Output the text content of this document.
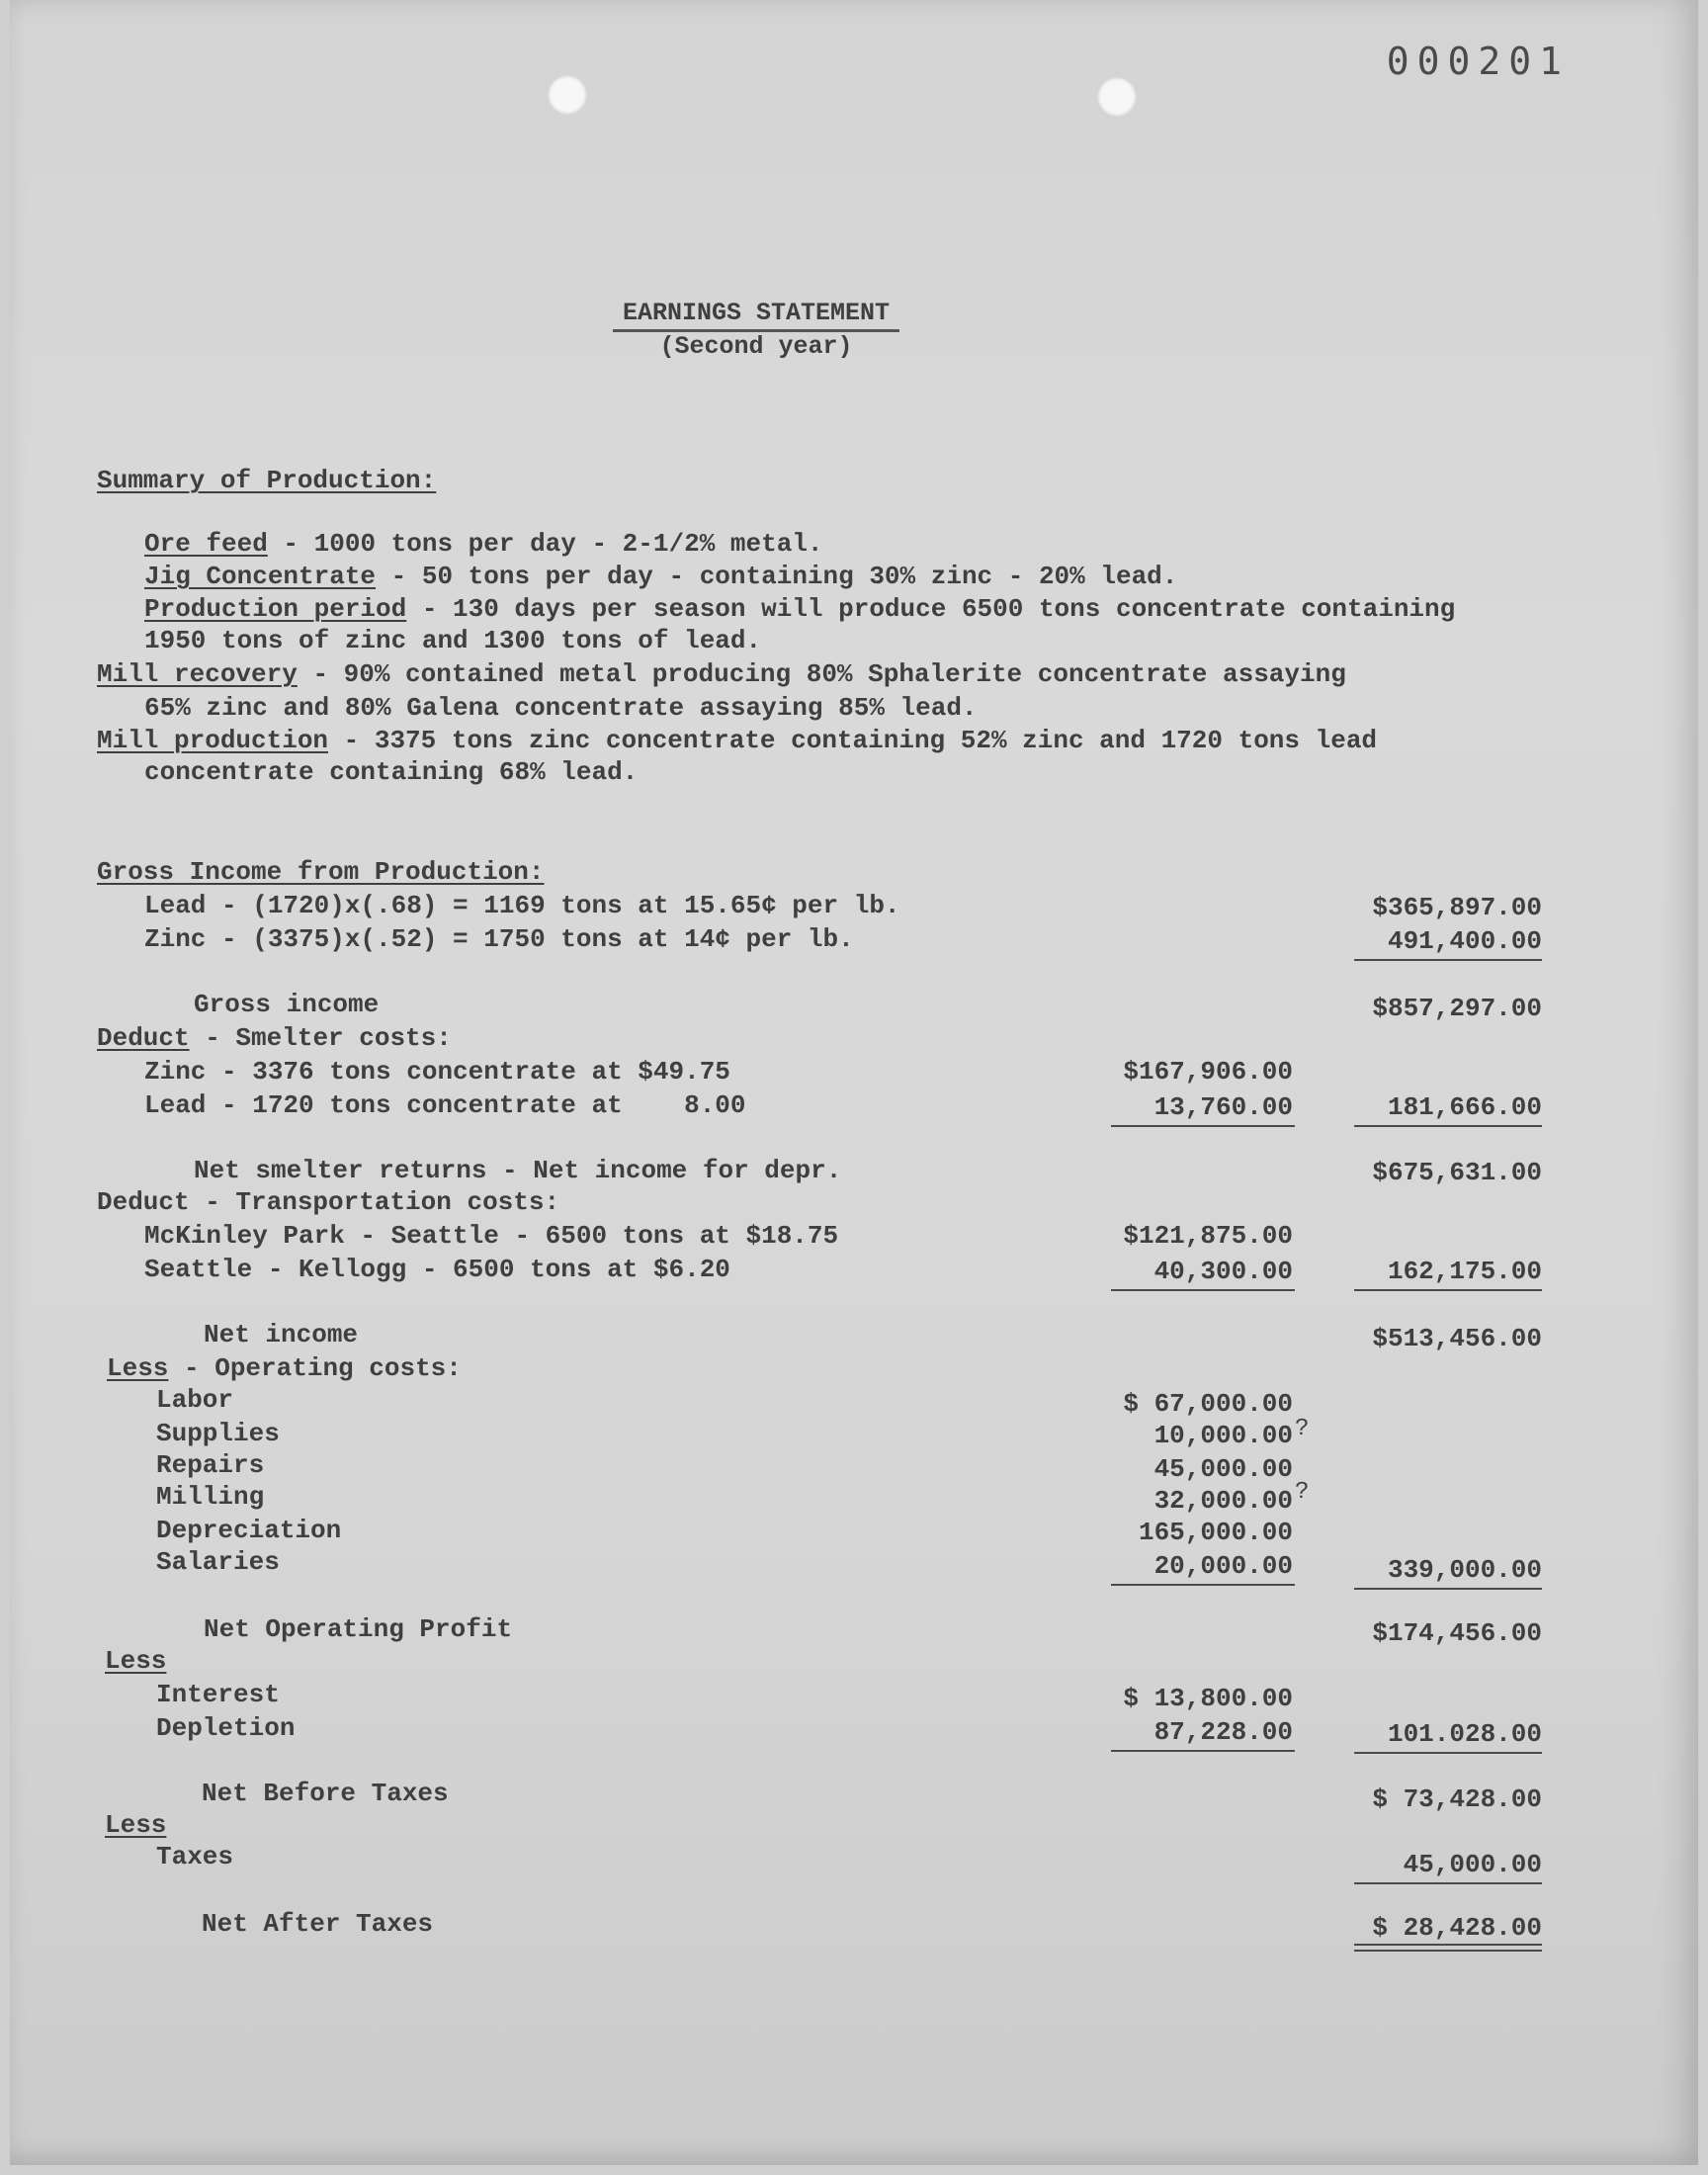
000201
EARNINGS STATEMENT
(Second year)
Summary of Production:
Ore feed - 1000 tons per day - 2-1/2% metal.
Jig Concentrate - 50 tons per day - containing 30% zinc - 20% lead.
Production period - 130 days per season will produce 6500 tons concentrate containing
1950 tons of zinc and 1300 tons of lead.
Mill recovery - 90% contained metal producing 80% Sphalerite concentrate assaying
65% zinc and 80% Galena concentrate assaying 85% lead.
Mill production - 3375 tons zinc concentrate containing 52% zinc and 1720 tons lead
concentrate containing 68% lead.
Gross Income from Production:
Lead - (1720)x(.68) = 1169 tons at 15.65¢ per lb.	$365,897.00
Zinc - (3375)x(.52) = 1750 tons at 14¢ per lb.	491,400.00
Gross income	$857,297.00
Deduct - Smelter costs:
Zinc - 3376 tons concentrate at $49.75	$167,906.00
Lead - 1720 tons concentrate at    8.00	13,760.00	181,666.00
Net smelter returns - Net income for depr.	$675,631.00
Deduct - Transportation costs:
McKinley Park - Seattle - 6500 tons at $18.75	$121,875.00
Seattle - Kellogg - 6500 tons at $6.20	40,300.00	162,175.00
Net income	$513,456.00
Less - Operating costs:
Labor	$ 67,000.00
Supplies	10,000.00 ?
Repairs	45,000.00
Milling	32,000.00 ?
Depreciation	165,000.00
Salaries	20,000.00	339,000.00
Net Operating Profit	$174,456.00
Less
Interest	$ 13,800.00
Depletion	87,228.00	101.028.00
Net Before Taxes	$ 73,428.00
Less
Taxes	45,000.00
Net After Taxes	$ 28,428.00
